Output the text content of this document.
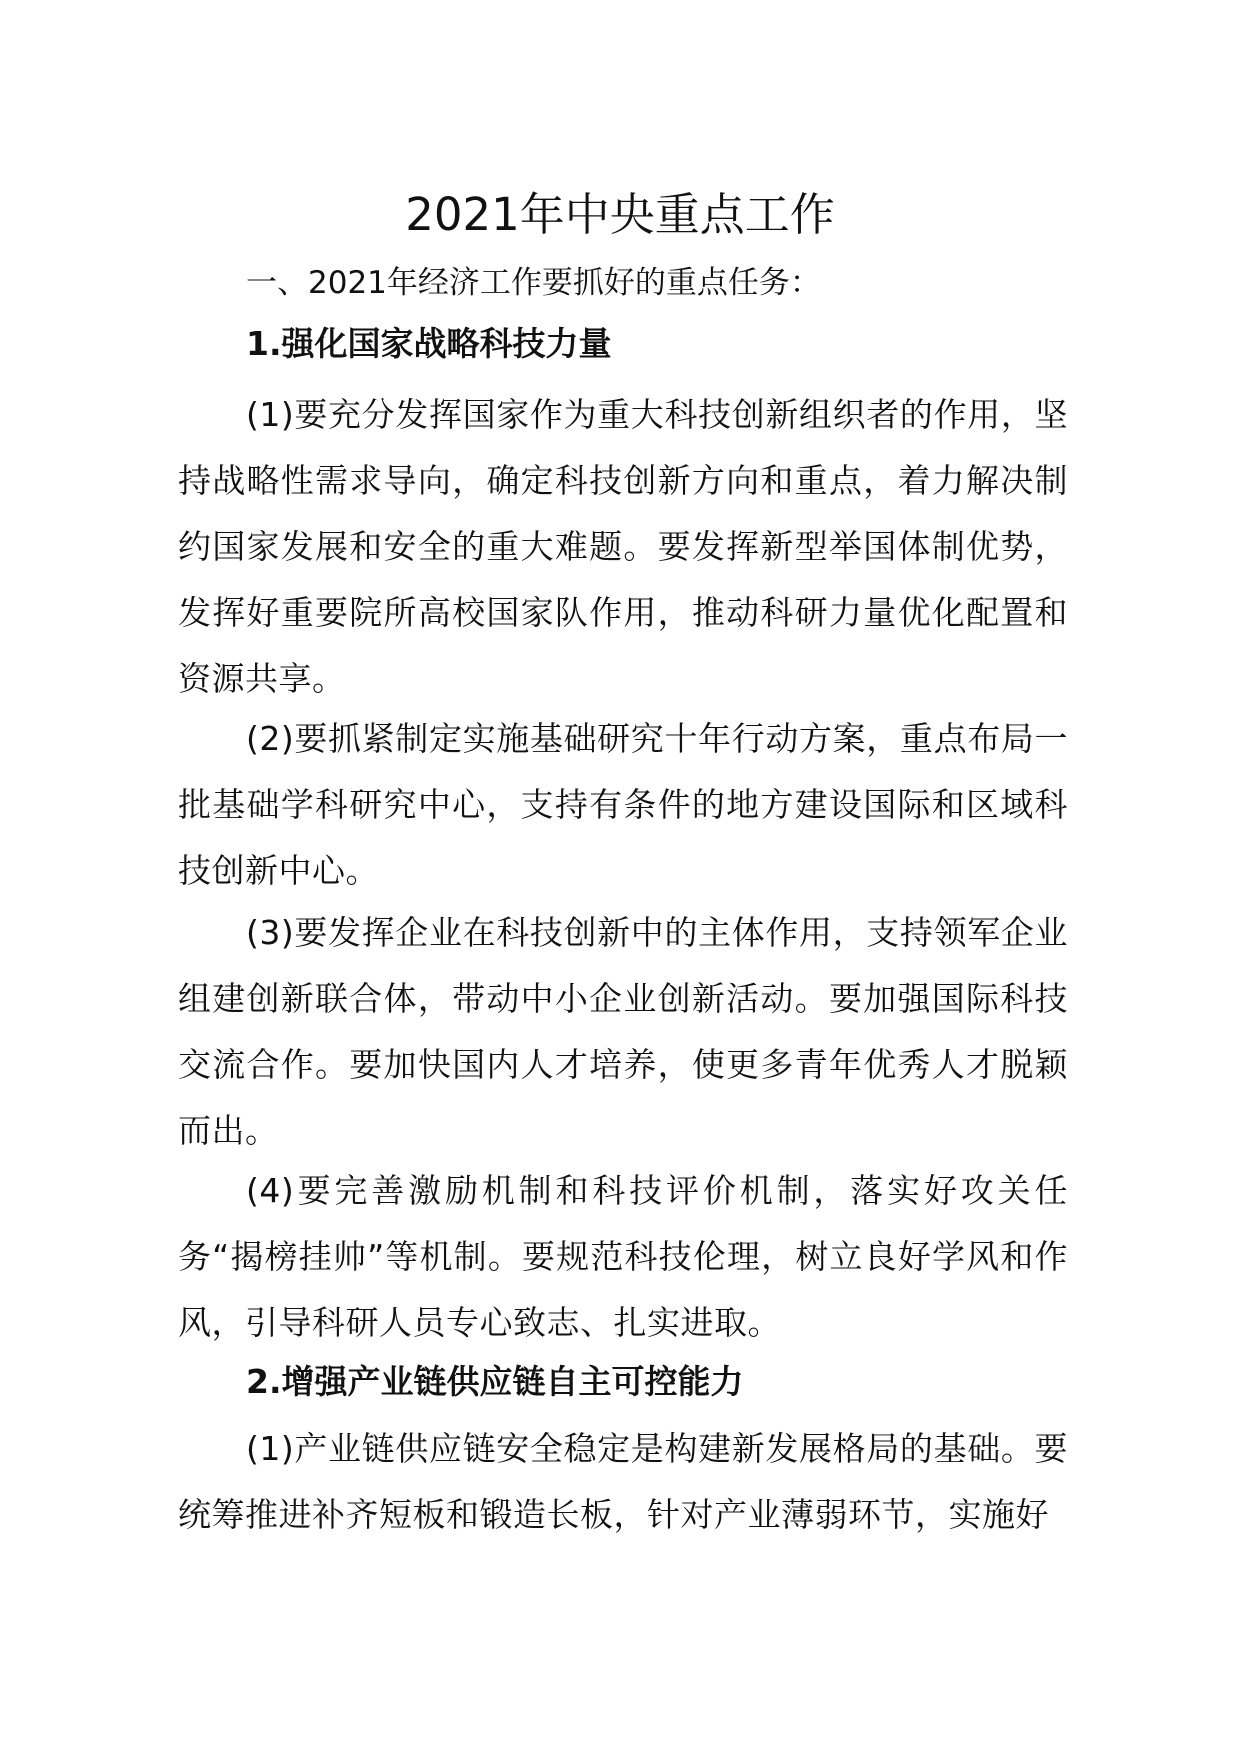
2021年中央重点工作

一、2021年经济工作要抓好的重点任务：

1.强化国家战略科技力量

(1)要充分发挥国家作为重大科技创新组织者的作用，坚持战略性需求导向，确定科技创新方向和重点，着力解决制约国家发展和安全的重大难题。要发挥新型举国体制优势，发挥好重要院所高校国家队作用，推动科研力量优化配置和资源共享。

(2)要抓紧制定实施基础研究十年行动方案，重点布局一批基础学科研究中心，支持有条件的地方建设国际和区域科技创新中心。

(3)要发挥企业在科技创新中的主体作用，支持领军企业组建创新联合体，带动中小企业创新活动。要加强国际科技交流合作。要加快国内人才培养，使更多青年优秀人才脱颖而出。

(4)要完善激励机制和科技评价机制，落实好攻关任务“揭榜挂帅”等机制。要规范科技伦理，树立良好学风和作风，引导科研人员专心致志、扎实进取。

2.增强产业链供应链自主可控能力

(1)产业链供应链安全稳定是构建新发展格局的基础。要统筹推进补齐短板和锻造长板，针对产业薄弱环节，实施好
